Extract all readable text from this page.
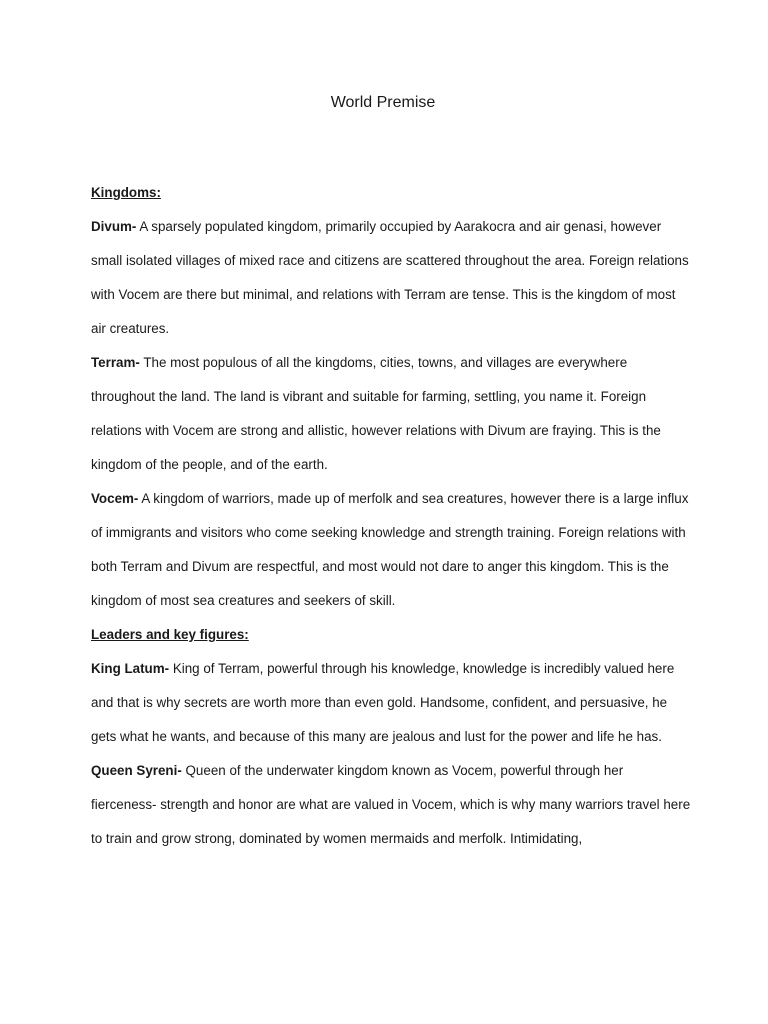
World Premise

Kingdoms:

Divum- A sparsely populated kingdom, primarily occupied by Aarakocra and air genasi, however small isolated villages of mixed race and citizens are scattered throughout the area. Foreign relations with Vocem are there but minimal, and relations with Terram are tense. This is the kingdom of most air creatures.

Terram- The most populous of all the kingdoms, cities, towns, and villages are everywhere throughout the land. The land is vibrant and suitable for farming, settling, you name it. Foreign relations with Vocem are strong and allistic, however relations with Divum are fraying. This is the kingdom of the people, and of the earth.

Vocem- A kingdom of warriors, made up of merfolk and sea creatures, however there is a large influx of immigrants and visitors who come seeking knowledge and strength training. Foreign relations with both Terram and Divum are respectful, and most would not dare to anger this kingdom. This is the kingdom of most sea creatures and seekers of skill.

Leaders and key figures:

King Latum- King of Terram, powerful through his knowledge, knowledge is incredibly valued here and that is why secrets are worth more than even gold. Handsome, confident, and persuasive, he gets what he wants, and because of this many are jealous and lust for the power and life he has.

Queen Syreni- Queen of the underwater kingdom known as Vocem, powerful through her fierceness- strength and honor are what are valued in Vocem, which is why many warriors travel here to train and grow strong, dominated by women mermaids and merfolk. Intimidating,
